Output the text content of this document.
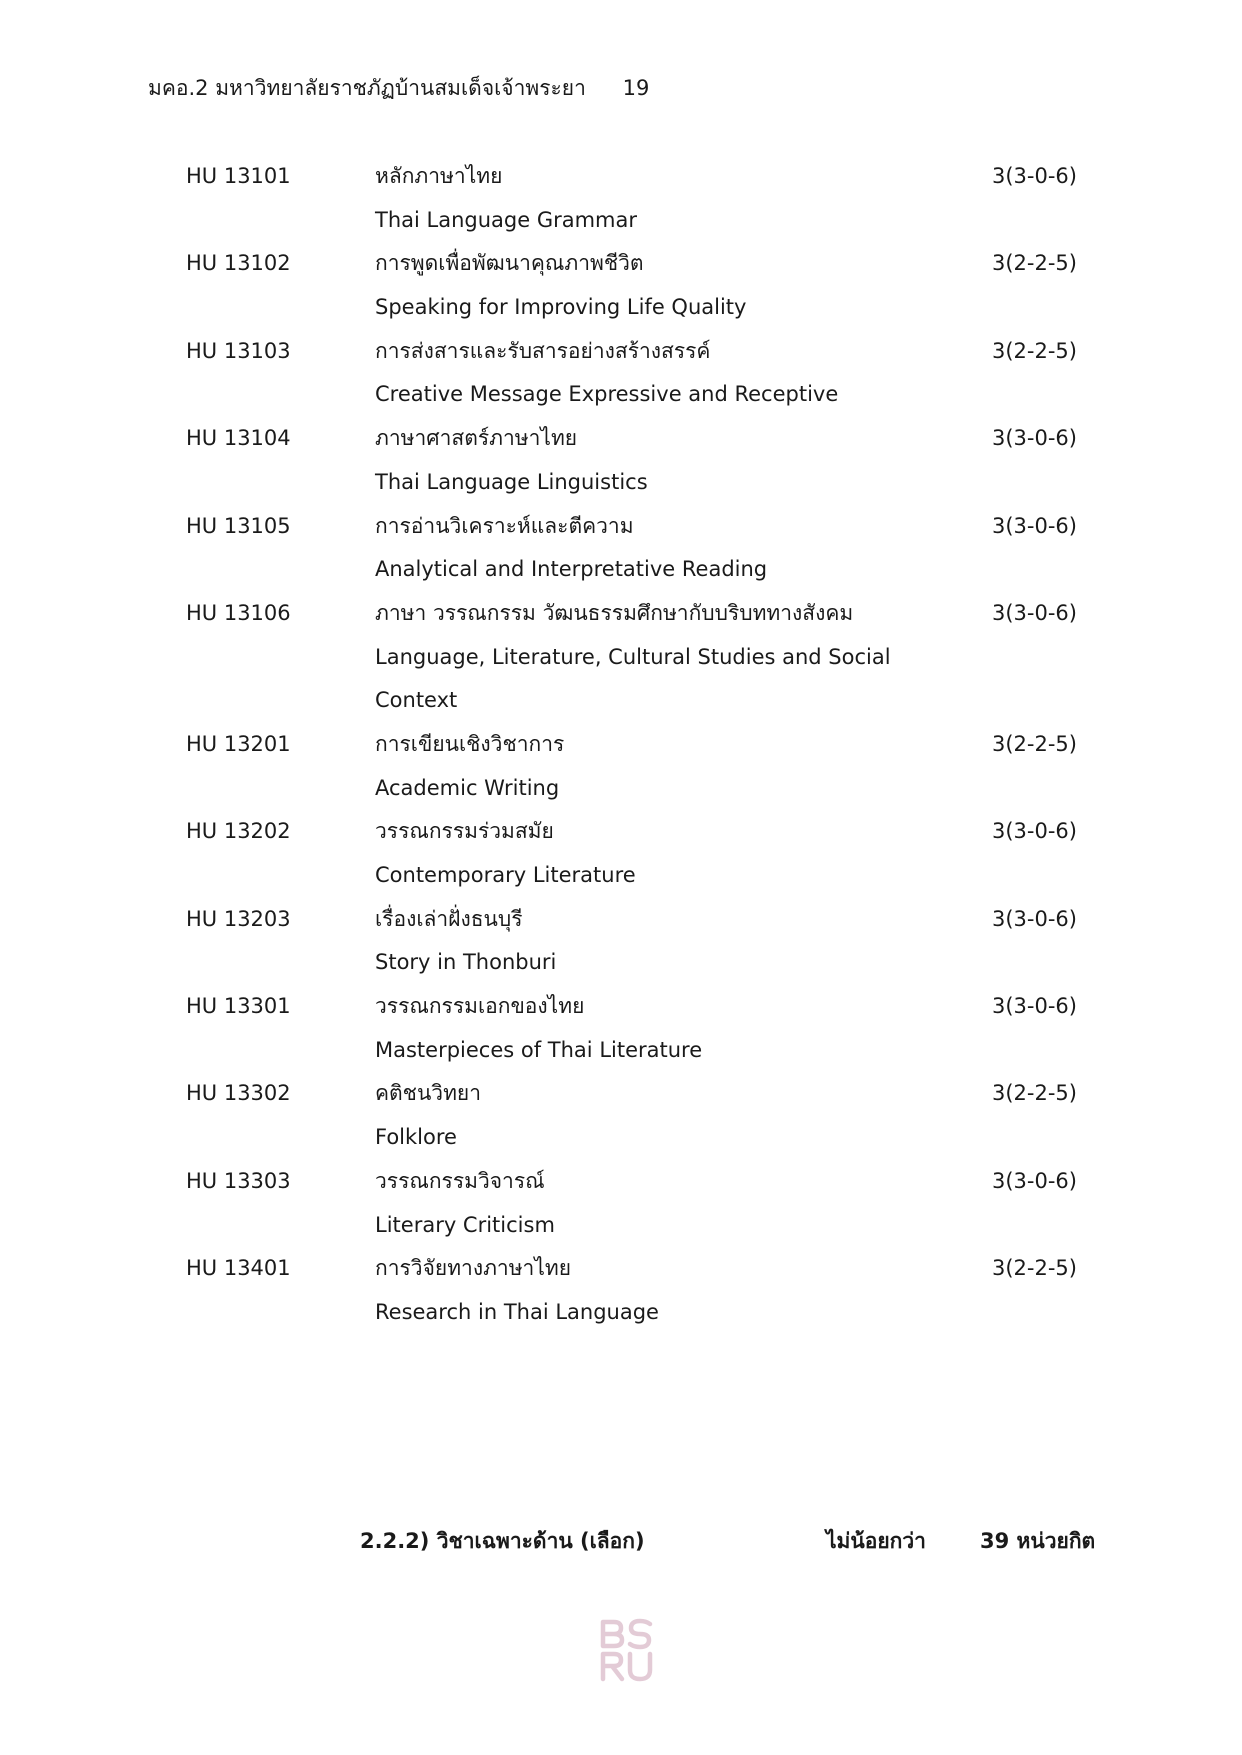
มคอ.2 มหาวิทยาลัยราชภัฏบ้านสมเด็จเจ้าพระยา 19
HU 13101	หลักภาษาไทย	3(3-0-6)
Thai Language Grammar
HU 13102	การพูดเพื่อพัฒนาคุณภาพชีวิต	3(2-2-5)
Speaking for Improving Life Quality
HU 13103	การส่งสารและรับสารอย่างสร้างสรรค์	3(2-2-5)
Creative Message Expressive and Receptive
HU 13104	ภาษาศาสตร์ภาษาไทย	3(3-0-6)
Thai Language Linguistics
HU 13105	การอ่านวิเคราะห์และตีความ	3(3-0-6)
Analytical and Interpretative Reading
HU 13106	ภาษา วรรณกรรม วัฒนธรรมศึกษากับบริบททางสังคม	3(3-0-6)
Language, Literature, Cultural Studies and Social
Context
HU 13201	การเขียนเชิงวิชาการ	3(2-2-5)
Academic Writing
HU 13202	วรรณกรรมร่วมสมัย	3(3-0-6)
Contemporary Literature
HU 13203	เรื่องเล่าฝั่งธนบุรี	3(3-0-6)
Story in Thonburi
HU 13301	วรรณกรรมเอกของไทย	3(3-0-6)
Masterpieces of Thai Literature
HU 13302	คติชนวิทยา	3(2-2-5)
Folklore
HU 13303	วรรณกรรมวิจารณ์	3(3-0-6)
Literary Criticism
HU 13401	การวิจัยทางภาษาไทย	3(2-2-5)
Research in Thai Language
2.2.2) วิชาเฉพาะด้าน (เลือก)	ไม่น้อยกว่า	39 หน่วยกิต
